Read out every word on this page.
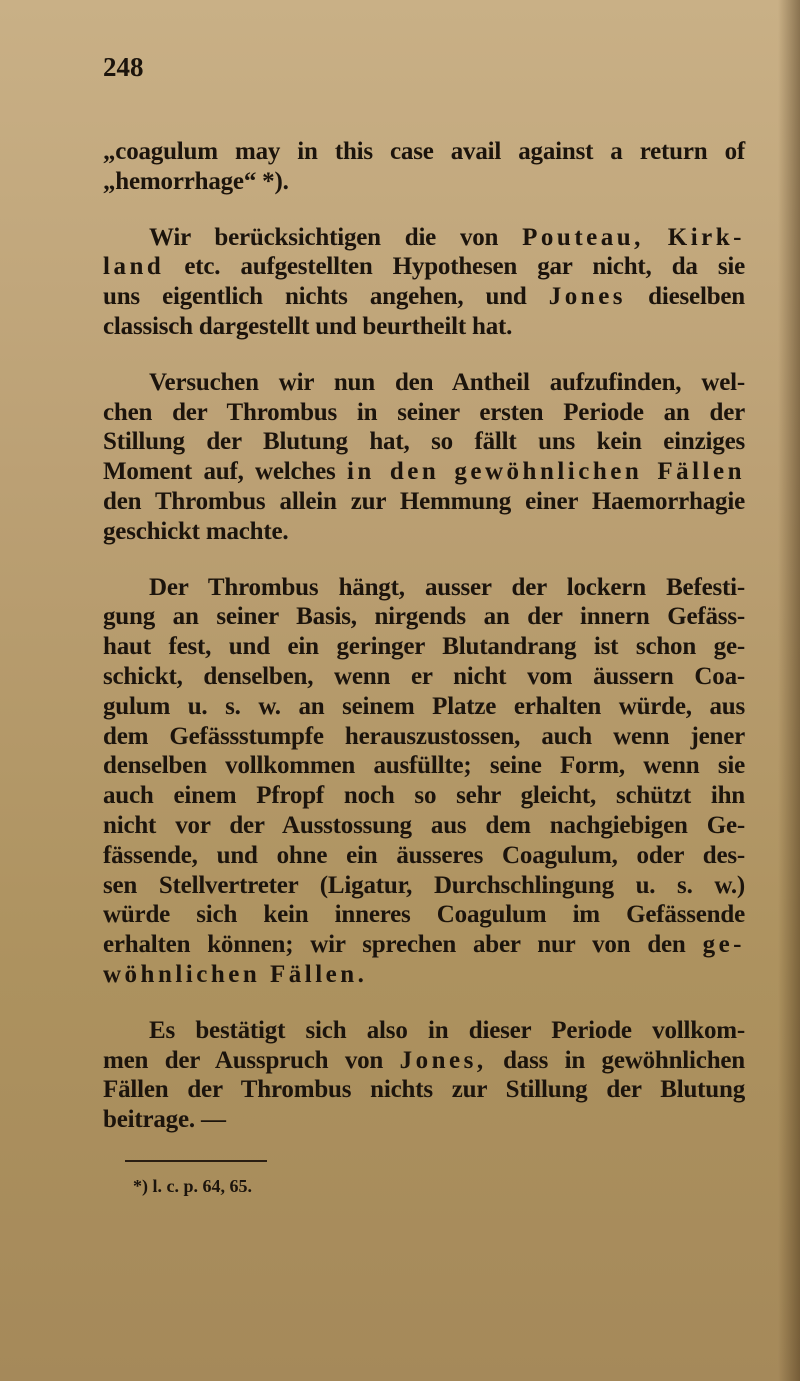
248
„coagulum may in this case avail against a return of
„hemorrhage“ *).
Wir berücksichtigen die von Pouteau, Kirk-
land etc. aufgestellten Hypothesen gar nicht, da sie
uns eigentlich nichts angehen, und Jones dieselben
classisch dargestellt und beurtheilt hat.
Versuchen wir nun den Antheil aufzufinden, wel-
chen der Thrombus in seiner ersten Periode an der
Stillung der Blutung hat, so fällt uns kein einziges
Moment auf, welches in den gewöhnlichen Fällen
den Thrombus allein zur Hemmung einer Haemorrhagie
geschickt machte.
Der Thrombus hängt, ausser der lockern Befesti-
gung an seiner Basis, nirgends an der innern Gefäss-
haut fest, und ein geringer Blutandrang ist schon ge-
schickt, denselben, wenn er nicht vom äussern Coa-
gulum u. s. w. an seinem Platze erhalten würde, aus
dem Gefässstumpfe herauszustossen, auch wenn jener
denselben vollkommen ausfüllte; seine Form, wenn sie
auch einem Pfropf noch so sehr gleicht, schützt ihn
nicht vor der Ausstossung aus dem nachgiebigen Ge-
fässende, und ohne ein äusseres Coagulum, oder des-
sen Stellvertreter (Ligatur, Durchschlingung u. s. w.)
würde sich kein inneres Coagulum im Gefässende
erhalten können; wir sprechen aber nur von den ge-
wöhnlichen Fällen.
Es bestätigt sich also in dieser Periode vollkom-
men der Ausspruch von Jones, dass in gewöhnlichen
Fällen der Thrombus nichts zur Stillung der Blutung
beitrage. —
*) l. c. p. 64, 65.
